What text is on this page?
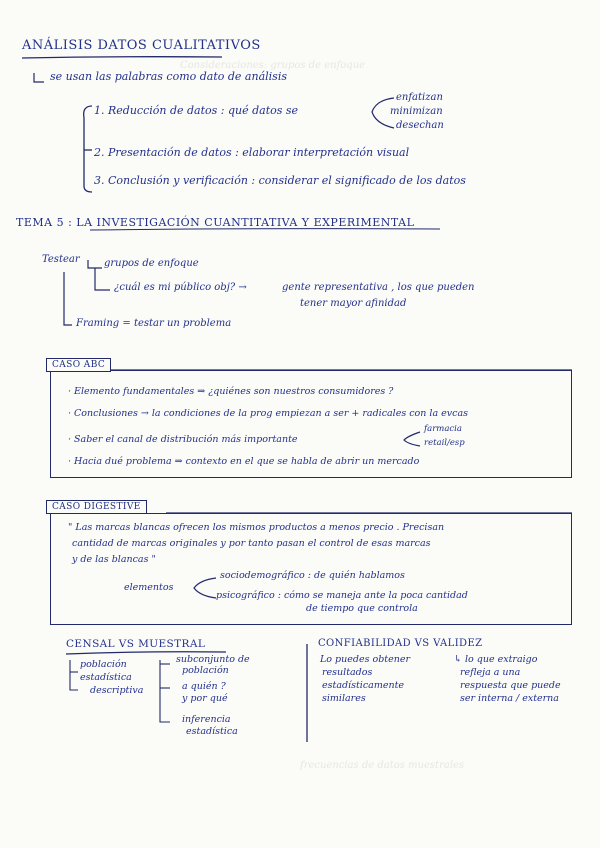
Consideraciones: grupos de enfoque
frecuencias de datos muestrales
ANÁLISIS DATOS CUALITATIVOS
se usan las palabras como dato de análisis
1. Reducción de datos : qué datos se
enfatizan
minimizan
desechan
2. Presentación de datos : elaborar interpretación visual
3. Conclusión y verificación : considerar el significado de los datos
TEMA 5 : LA INVESTIGACIÓN CUANTITATIVA Y EXPERIMENTAL
Testear grupos de enfoque
¿cuál es mi público obj? →	gente representativa , los que pueden
tener mayor afinidad
Framing = testar un problema
CASO ABC
· Elemento fundamentales ⇒ ¿quiénes son nuestros consumidores ?
· Conclusiones → la condiciones de la prog empiezan a ser + radicales con la evcas
· Saber el canal de distribución más importante
farmacia
retail/esp
· Hacia dué problema ⇒ contexto en el que se habla de abrir un mercado
CASO DIGESTIVE
" Las marcas blancas ofrecen los mismos productos a menos precio . Precisan
cantidad de marcas originales y por tanto pasan el control de esas marcas
y de las blancas "
elementos
sociodemográfico : de quién hablamos
psicográfico : cómo se maneja ante la poca cantidad
de tiempo que controla
CENSAL VS MUESTRAL
población
estadística
descriptiva
subconjunto de
población
a quién ?
y por qué
inferencia
estadística
CONFIABILIDAD VS VALIDEZ
Lo puedes obtener
resultados
estadísticamente
similares
↳ lo que extraigo
refleja a una
respuesta que puede
ser interna / externa
